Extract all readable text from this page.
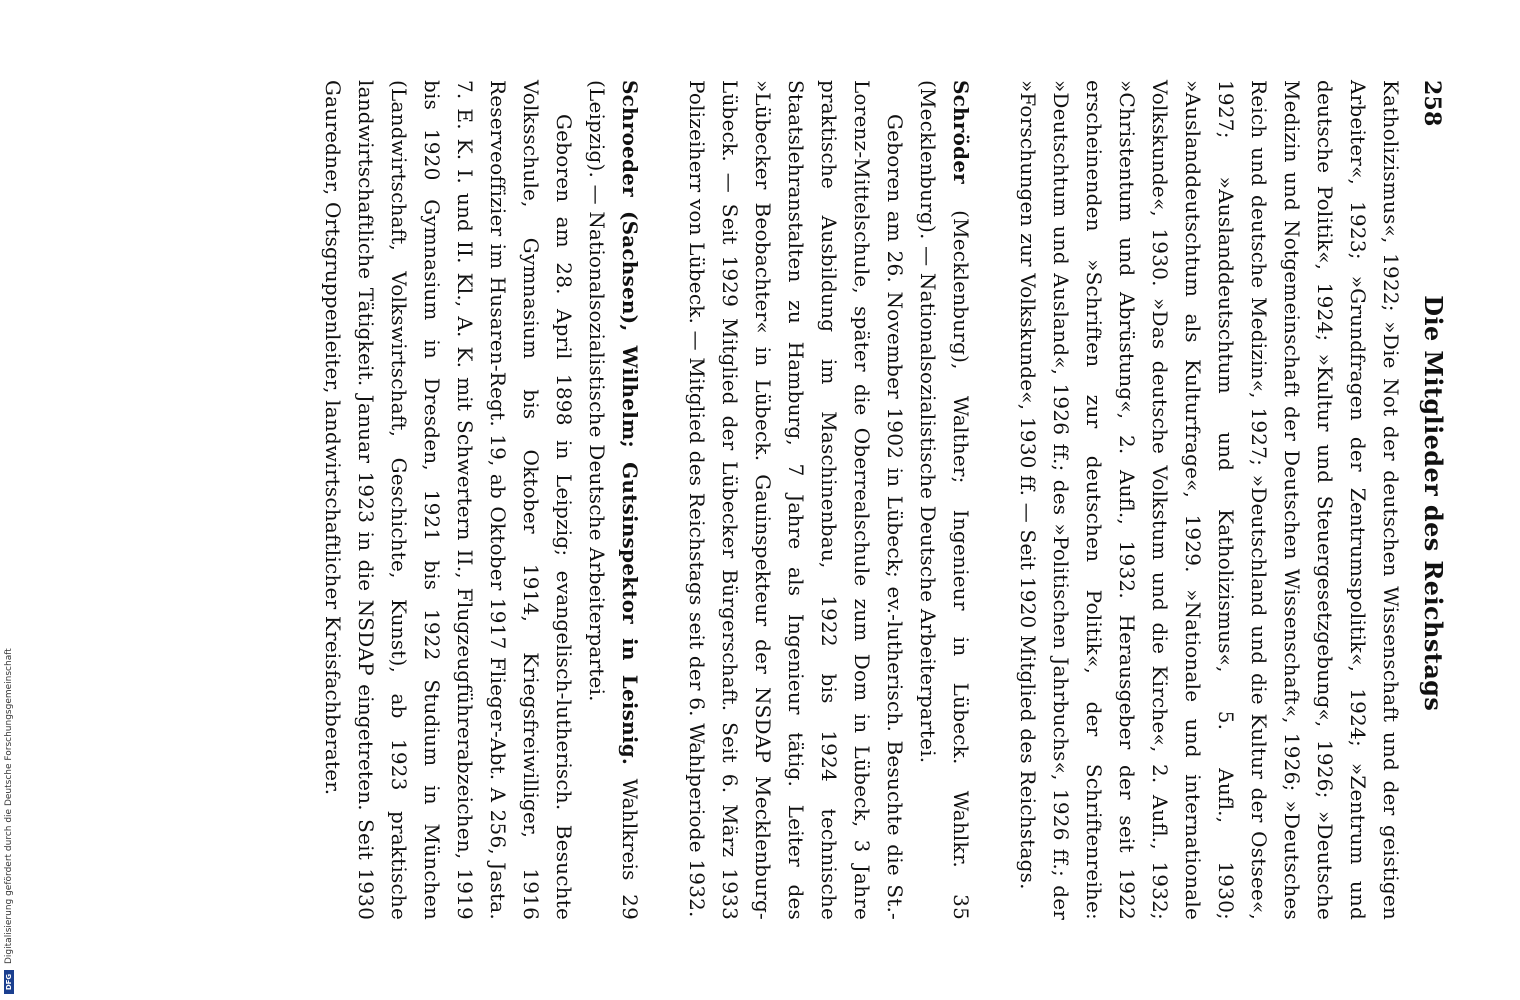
258
Die Mitglieder des Reichstags

Katholizismus«, 1922; »Die Not der deutschen Wissenschaft und der geistigen Arbeiter«, 1923; »Grundfragen der Zentrumspolitik«, 1924; »Zentrum und deutsche Politik«, 1924; »Kultur und Steuergesetzgebung«, 1926; »Deutsche Medizin und Notgemeinschaft der Deutschen Wissenschaft«, 1926; »Deutsches Reich und deutsche Medizin«, 1927; »Deutschland und die Kultur der Ostsee«, 1927; »Auslanddeutschtum und Katholizismus«, 5. Aufl., 1930; »Auslanddeutschtum als Kulturfrage«, 1929. »Nationale und internationale Volkskunde«, 1930. »Das deutsche Volkstum und die Kirche«, 2. Aufl., 1932; »Christentum und Abrüstung«, 2. Aufl., 1932. Herausgeber der seit 1922 erscheinenden »Schriften zur deutschen Politik«, der Schriftenreihe: »Deutschtum und Ausland«, 1926 ff.; des »Politischen Jahrbuchs«, 1926 ff.; der »Forschungen zur Volkskunde«, 1930 ff. — Seit 1920 Mitglied des Reichstags.

Schröder (Mecklenburg), Walther; Ingenieur in Lübeck. Wahlkr. 35 (Mecklenburg). — Nationalsozialistische Deutsche Arbeiterpartei.

Geboren am 26. November 1902 in Lübeck; ev.-lutherisch. Besuchte die St.-Lorenz-Mittelschule, später die Oberrealschule zum Dom in Lübeck, 3 Jahre praktische Ausbildung im Maschinenbau, 1922 bis 1924 technische Staatslehranstalten zu Hamburg, 7 Jahre als Ingenieur tätig. Leiter des »Lübecker Beobachter« in Lübeck. Gauinspekteur der NSDAP Mecklenburg-Lübeck. — Seit 1929 Mitglied der Lübecker Bürgerschaft. Seit 6. März 1933 Polizeiherr von Lübeck. — Mitglied des Reichstags seit der 6. Wahlperiode 1932.

Schroeder (Sachsen), Wilhelm; Gutsinspektor in Leisnig. Wahlkreis 29 (Leipzig). — Nationalsozialistische Deutsche Arbeiterpartei.

Geboren am 28. April 1898 in Leipzig; evangelisch-lutherisch. Besuchte Volksschule, Gymnasium bis Oktober 1914, Kriegsfreiwilliger, 1916 Reserveoffizier im Husaren-Regt. 19, ab Oktober 1917 Flieger-Abt. A 256, Jasta. 7. E. K. I. und II. Kl., A. K. mit Schwertern II., Flugzeugführerabzeichen, 1919 bis 1920 Gymnasium in Dresden, 1921 bis 1922 Studium in München (Landwirtschaft, Volkswirtschaft, Geschichte, Kunst), ab 1923 praktische landwirtschaftliche Tätigkeit. Januar 1923 in die NSDAP eingetreten. Seit 1930 Gauredner, Ortsgruppenleiter, landwirtschaftlicher Kreisfachberater.

DFGDigitalisierung gefördert durch die Deutsche Forschungsgemeinschaft
